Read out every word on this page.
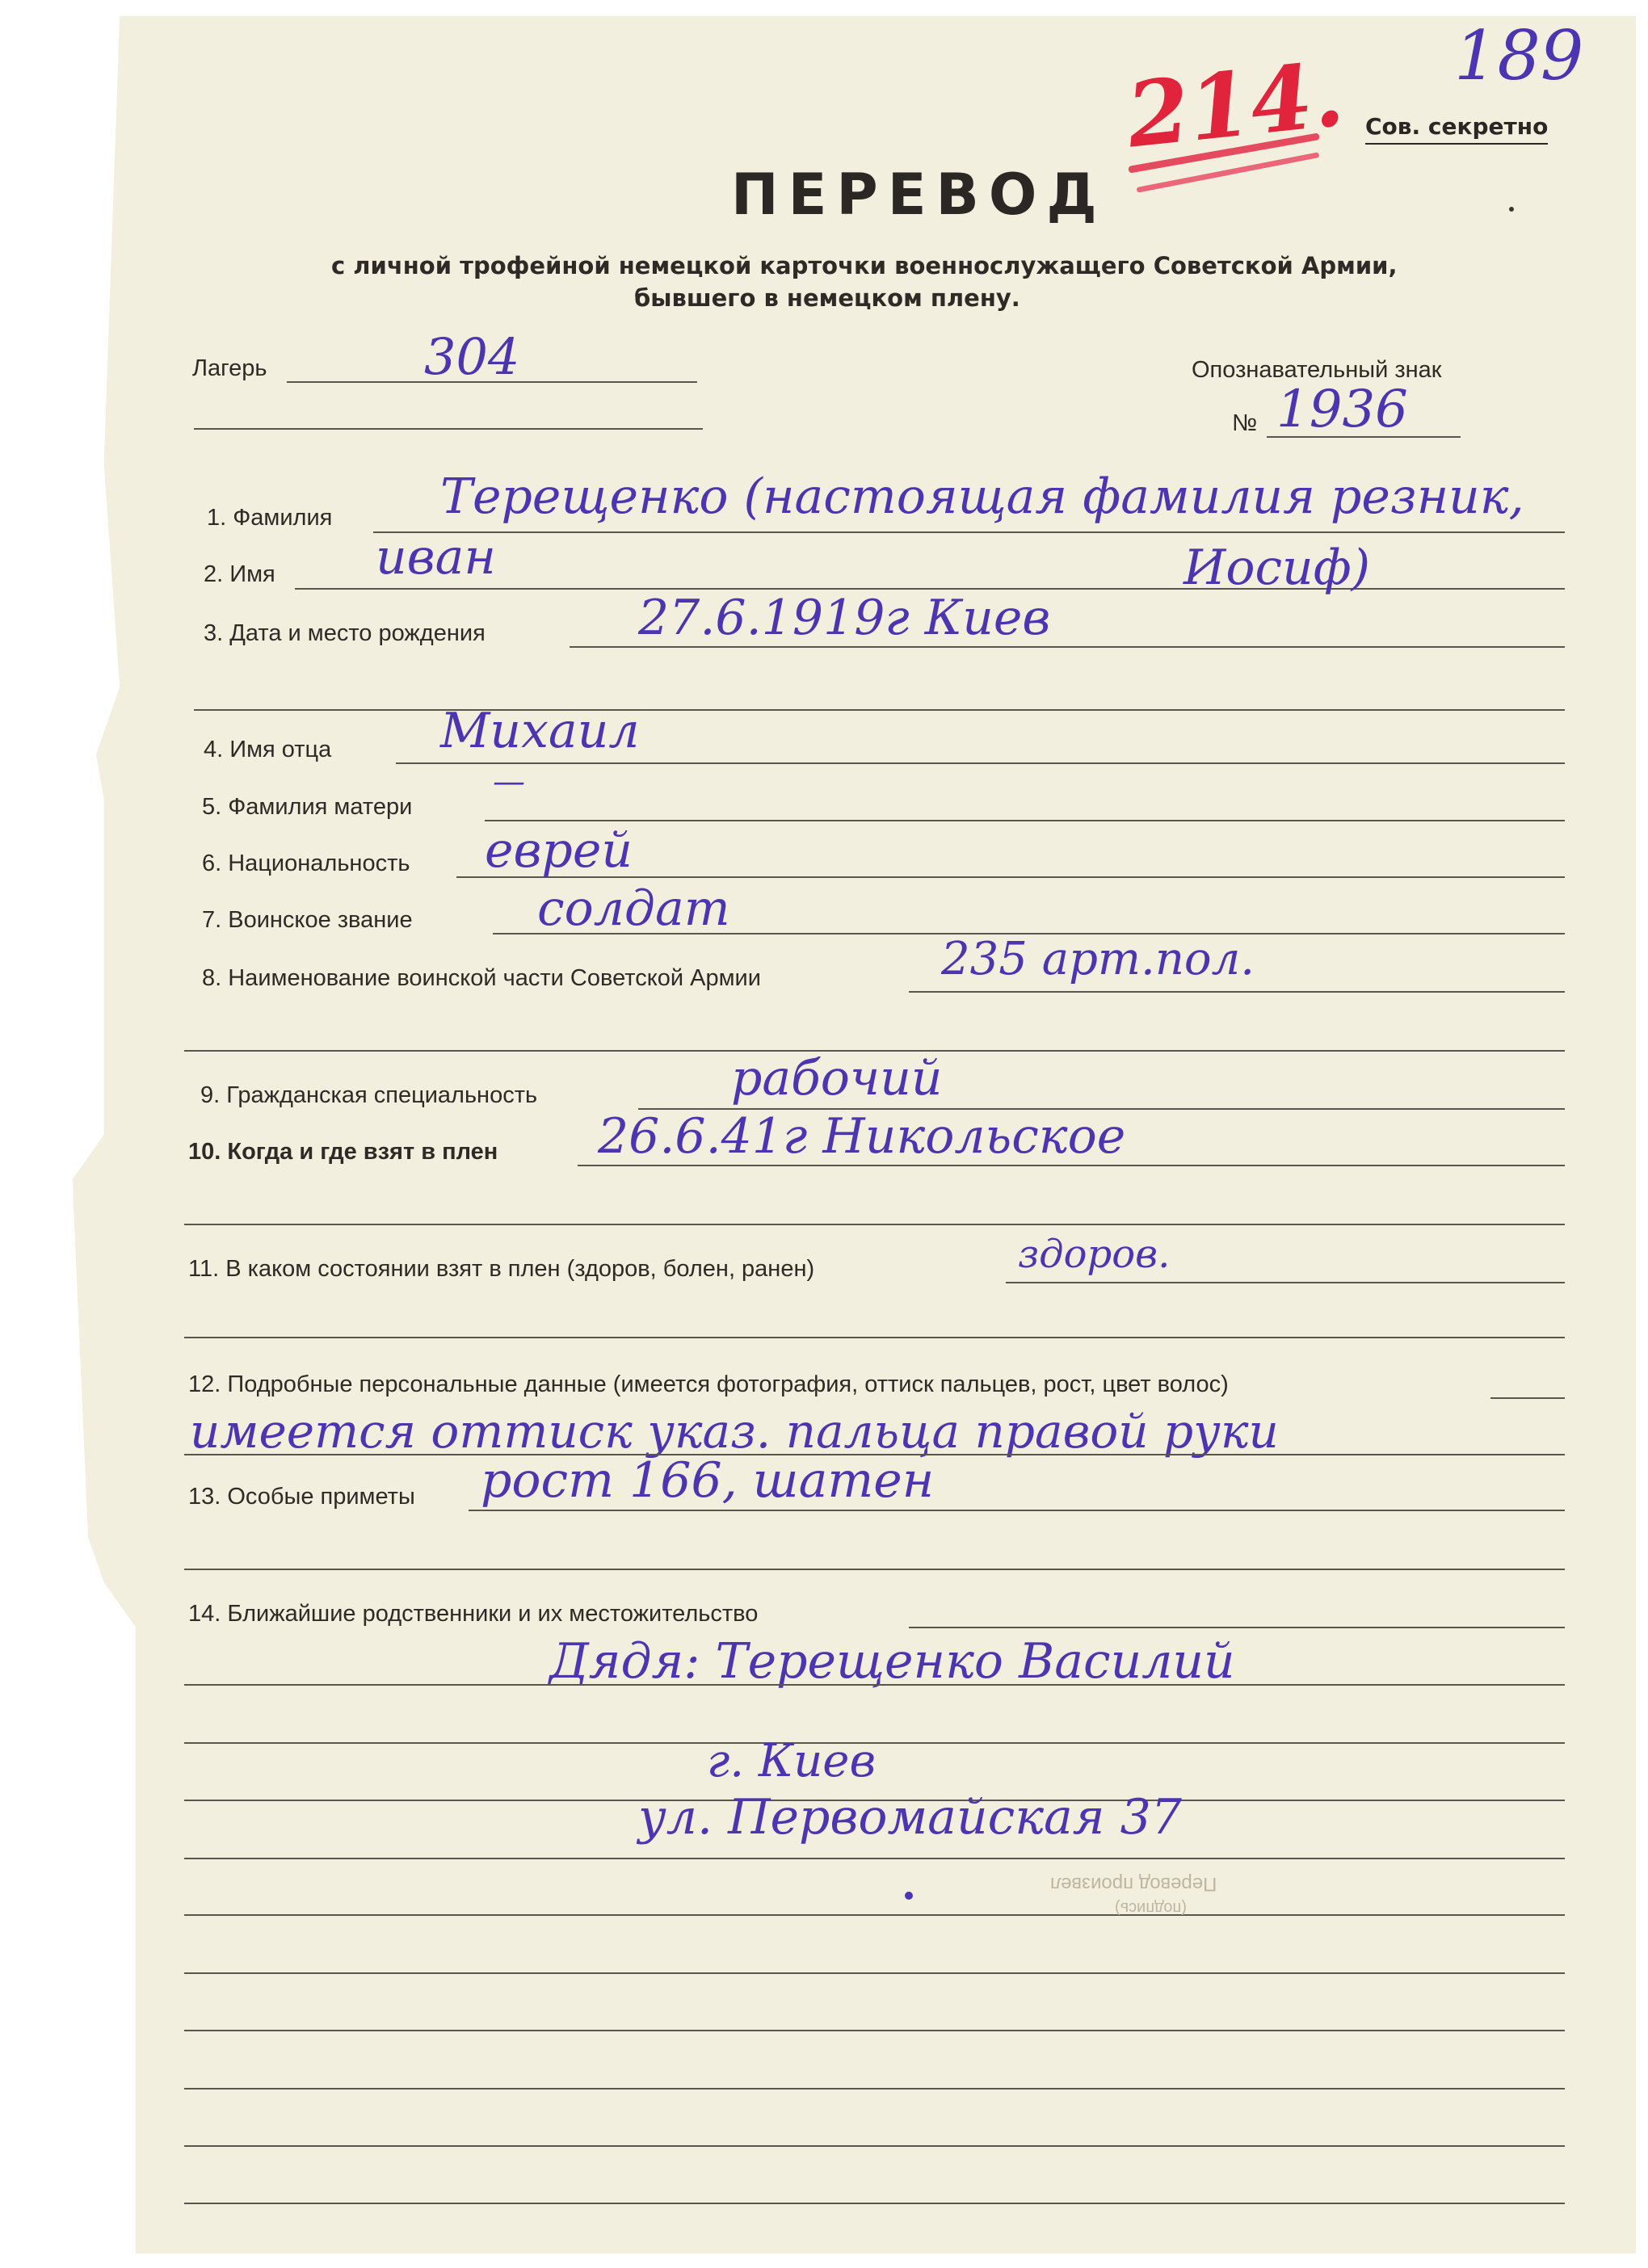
189
214. Сов. секретно
ПЕРЕВОД
с личной трофейной немецкой карточки военнослужащего Советской Армии,
бывшего в немецком плену.
Лагерь	304	Опознавательный знак
№ 1936
1. Фамилия Терещенко (настоящая фамилия резник,
2. Имя иван	Иосиф)
3. Дата и место рождения	27.6.1919г Киев
4. Имя отца Михаил
5. Фамилия матери
—
6. Национальность еврей
7. Воинское звание	солдат
8. Наименование воинской части Советской Армии	235 арт.пол.
9. Гражданская специальность	рабочий
10. Когда и где взят в плен 26.6.41г Никольское
11. В каком состоянии взят в плен (здоров, болен, ранен)	здоров.
12. Подробные персональные данные (имеется фотография, оттиск пальцев, рост, цвет волос)
имеется оттиск указ. пальца правой руки
13. Особые приметы рост 166, шатен
14. Ближайшие родственники и их местожительство
Дядя: Терещенко Василий
г. Киев
ул. Первомайская 37
Перевод произвел
(подпись)
